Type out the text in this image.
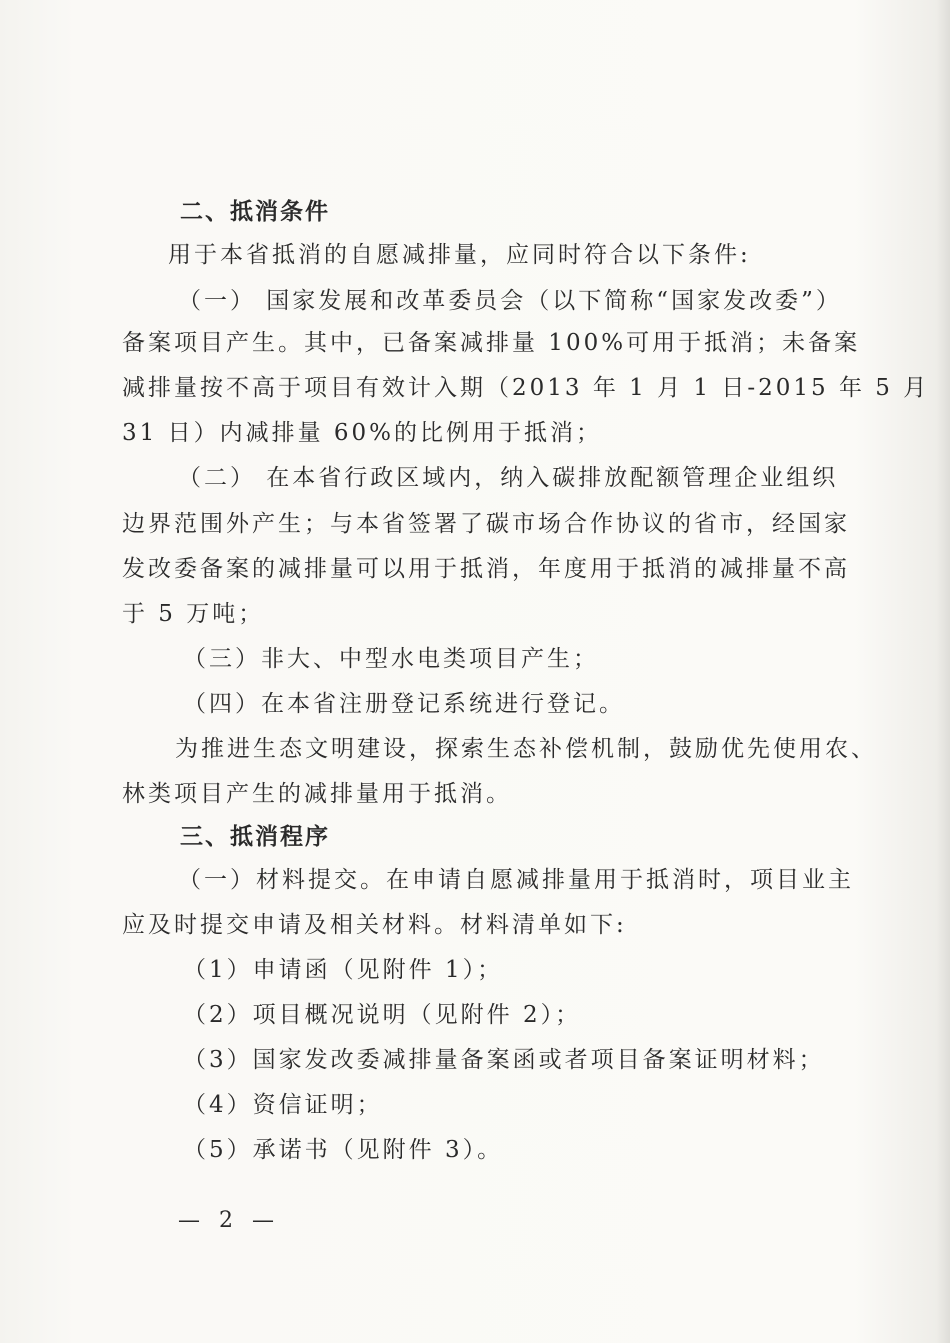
二、抵消条件
用于本省抵消的自愿减排量，应同时符合以下条件:
（一） 国家发展和改革委员会（以下简称“国家发改委”）
备案项目产生。其中，已备案减排量 100%可用于抵消；未备案
减排量按不高于项目有效计入期（2013 年 1 月 1 日-2015 年 5 月
31 日）内减排量 60%的比例用于抵消；
（二） 在本省行政区域内，纳入碳排放配额管理企业组织
边界范围外产生；与本省签署了碳市场合作协议的省市，经国家
发改委备案的减排量可以用于抵消，年度用于抵消的减排量不高
于 5 万吨；
（三）非大、中型水电类项目产生；
（四）在本省注册登记系统进行登记。
为推进生态文明建设，探索生态补偿机制，鼓励优先使用农、
林类项目产生的减排量用于抵消。
三、抵消程序
（一）材料提交。在申请自愿减排量用于抵消时，项目业主
应及时提交申请及相关材料。材料清单如下:
（1）申请函（见附件 1）；
（2）项目概况说明（见附件 2）；
（3）国家发改委减排量备案函或者项目备案证明材料；
（4）资信证明；
（5）承诺书（见附件 3）。
— 2 —
